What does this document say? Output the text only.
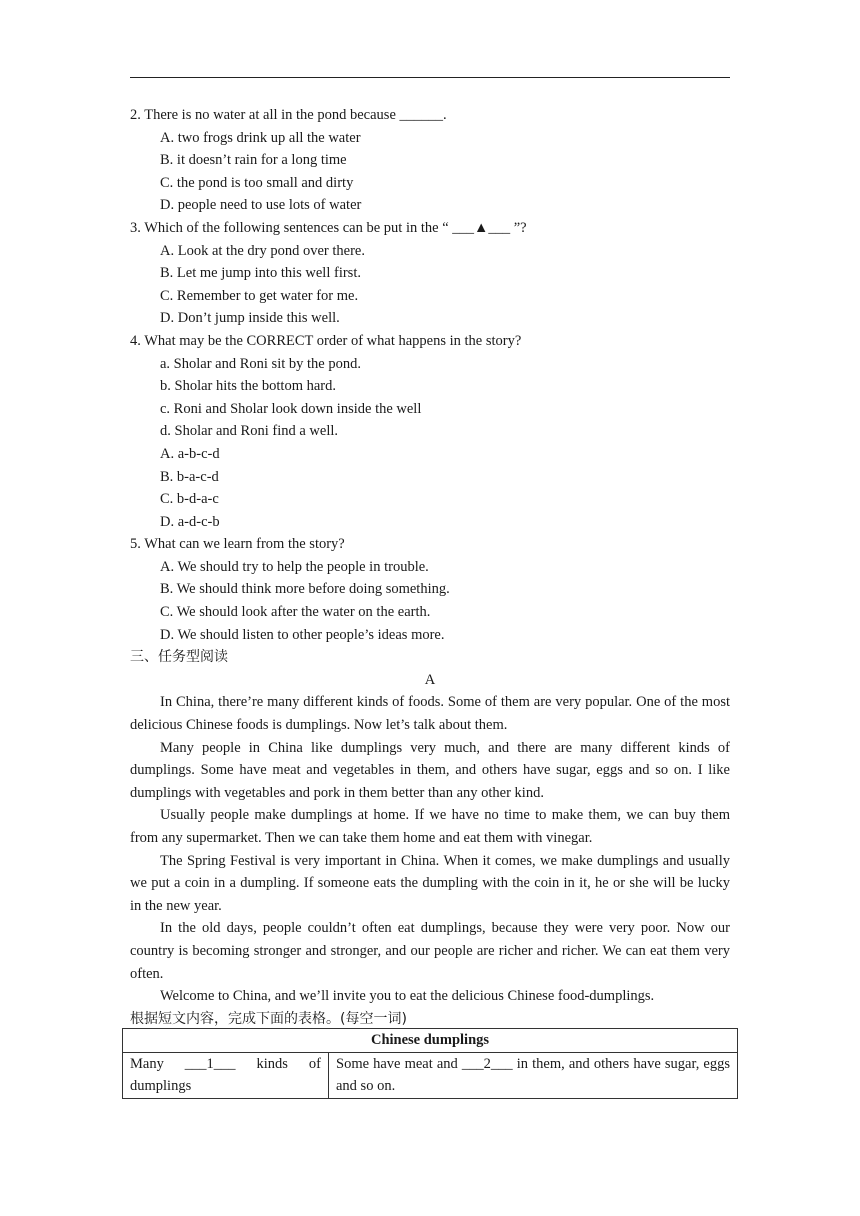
2. There is no water at all in the pond because ______.
A. two frogs drink up all the water
B. it doesn’t rain for a long time
C. the pond is too small and dirty
D. people need to use lots of water
3. Which of the following sentences can be put in the “ ___▲___ ”?
A. Look at the dry pond over there.
B. Let me jump into this well first.
C. Remember to get water for me.
D. Don’t jump inside this well.
4. What may be the CORRECT order of what happens in the story?
a. Sholar and Roni sit by the pond.
b. Sholar hits the bottom hard.
c. Roni and Sholar look down inside the well
d. Sholar and Roni find a well.
A. a-b-c-d
B. b-a-c-d
C. b-d-a-c
D. a-d-c-b
5. What can we learn from the story?
A. We should try to help the people in trouble.
B. We should think more before doing something.
C. We should look after the water on the earth.
D. We should listen to other people’s ideas more.
三、任务型阅读
A
In China, there’re many different kinds of foods. Some of them are very popular. One of the most delicious Chinese foods is dumplings. Now let’s talk about them.
Many people in China like dumplings very much, and there are many different kinds of dumplings. Some have meat and vegetables in them, and others have sugar, eggs and so on. I like dumplings with vegetables and pork in them better than any other kind.
Usually people make dumplings at home. If we have no time to make them, we can buy them from any supermarket. Then we can take them home and eat them with vinegar.
The Spring Festival is very important in China. When it comes, we make dumplings and usually we put a coin in a dumpling. If someone eats the dumpling with the coin in it, he or she will be lucky in the new year.
In the old days, people couldn’t often eat dumplings, because they were very poor. Now our country is becoming stronger and stronger, and our people are richer and richer. We can eat them very often.
Welcome to China, and we’ll invite you to eat the delicious Chinese food-dumplings.
根据短文内容，完成下面的表格。(每空一词)
Chinese dumplings
Many ___1___ kinds of dumplings	Some have meat and ___2___ in them, and others have sugar, eggs and so on.
